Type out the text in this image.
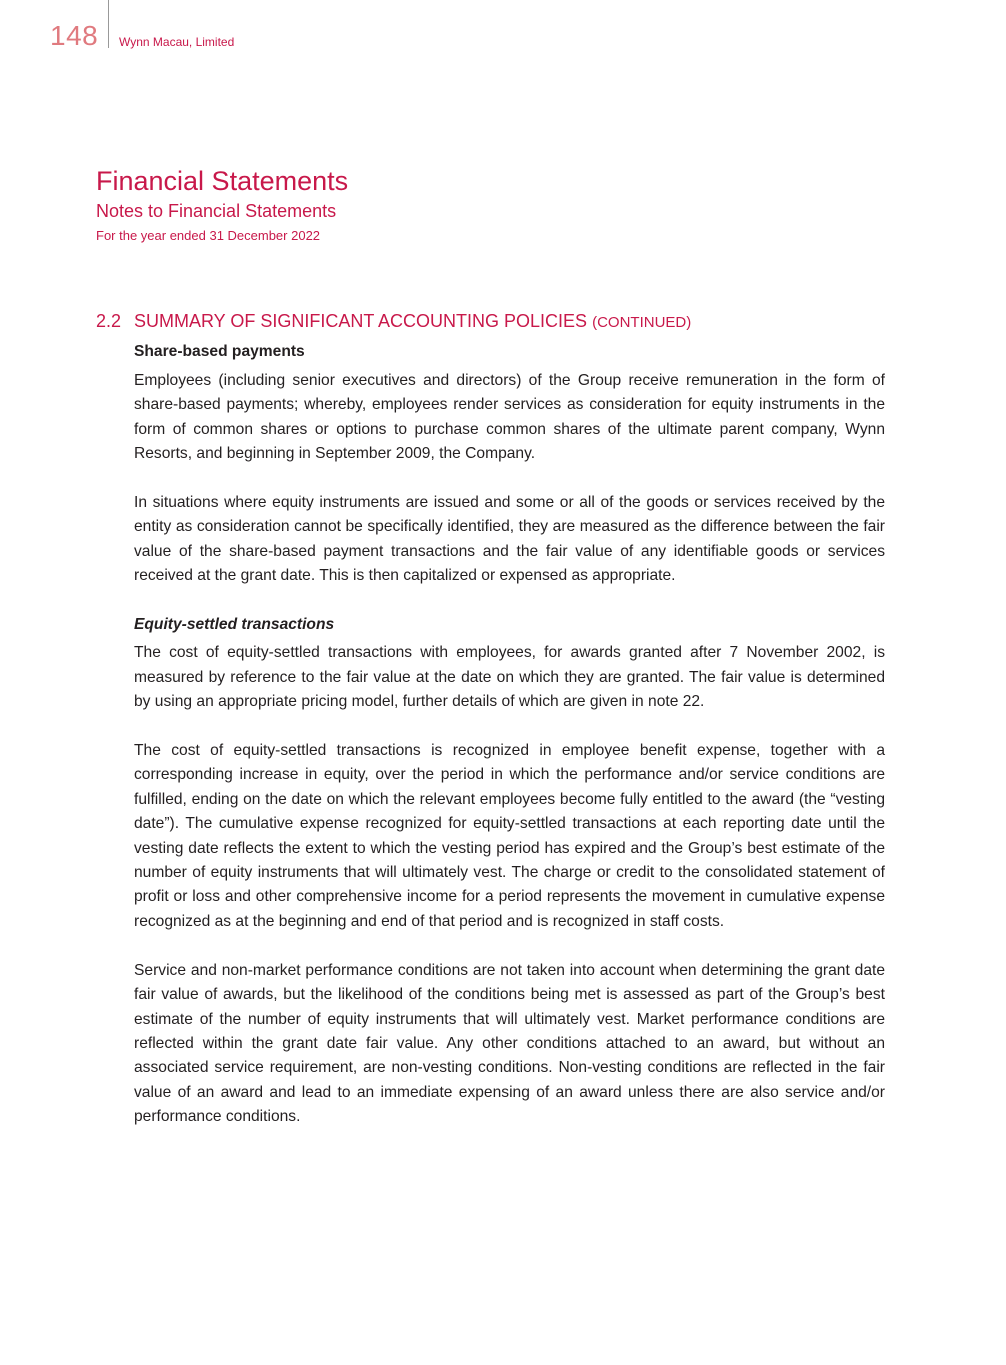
148 Wynn Macau, Limited
Financial Statements
Notes to Financial Statements
For the year ended 31 December 2022
2.2 SUMMARY OF SIGNIFICANT ACCOUNTING POLICIES (CONTINUED)
Share-based payments

Employees (including senior executives and directors) of the Group receive remuneration in the form of share-based payments; whereby, employees render services as consideration for equity instruments in the form of common shares or options to purchase common shares of the ultimate parent company, Wynn Resorts, and beginning in September 2009, the Company.

In situations where equity instruments are issued and some or all of the goods or services received by the entity as consideration cannot be specifically identified, they are measured as the difference between the fair value of the share-based payment transactions and the fair value of any identifiable goods or services received at the grant date. This is then capitalized or expensed as appropriate.

Equity-settled transactions

The cost of equity-settled transactions with employees, for awards granted after 7 November 2002, is measured by reference to the fair value at the date on which they are granted. The fair value is determined by using an appropriate pricing model, further details of which are given in note 22.

The cost of equity-settled transactions is recognized in employee benefit expense, together with a corresponding increase in equity, over the period in which the performance and/or service conditions are fulfilled, ending on the date on which the relevant employees become fully entitled to the award (the “vesting date”). The cumulative expense recognized for equity-settled transactions at each reporting date until the vesting date reflects the extent to which the vesting period has expired and the Group’s best estimate of the number of equity instruments that will ultimately vest. The charge or credit to the consolidated statement of profit or loss and other comprehensive income for a period represents the movement in cumulative expense recognized as at the beginning and end of that period and is recognized in staff costs.

Service and non-market performance conditions are not taken into account when determining the grant date fair value of awards, but the likelihood of the conditions being met is assessed as part of the Group’s best estimate of the number of equity instruments that will ultimately vest. Market performance conditions are reflected within the grant date fair value. Any other conditions attached to an award, but without an associated service requirement, are non-vesting conditions. Non-vesting conditions are reflected in the fair value of an award and lead to an immediate expensing of an award unless there are also service and/or performance conditions.
